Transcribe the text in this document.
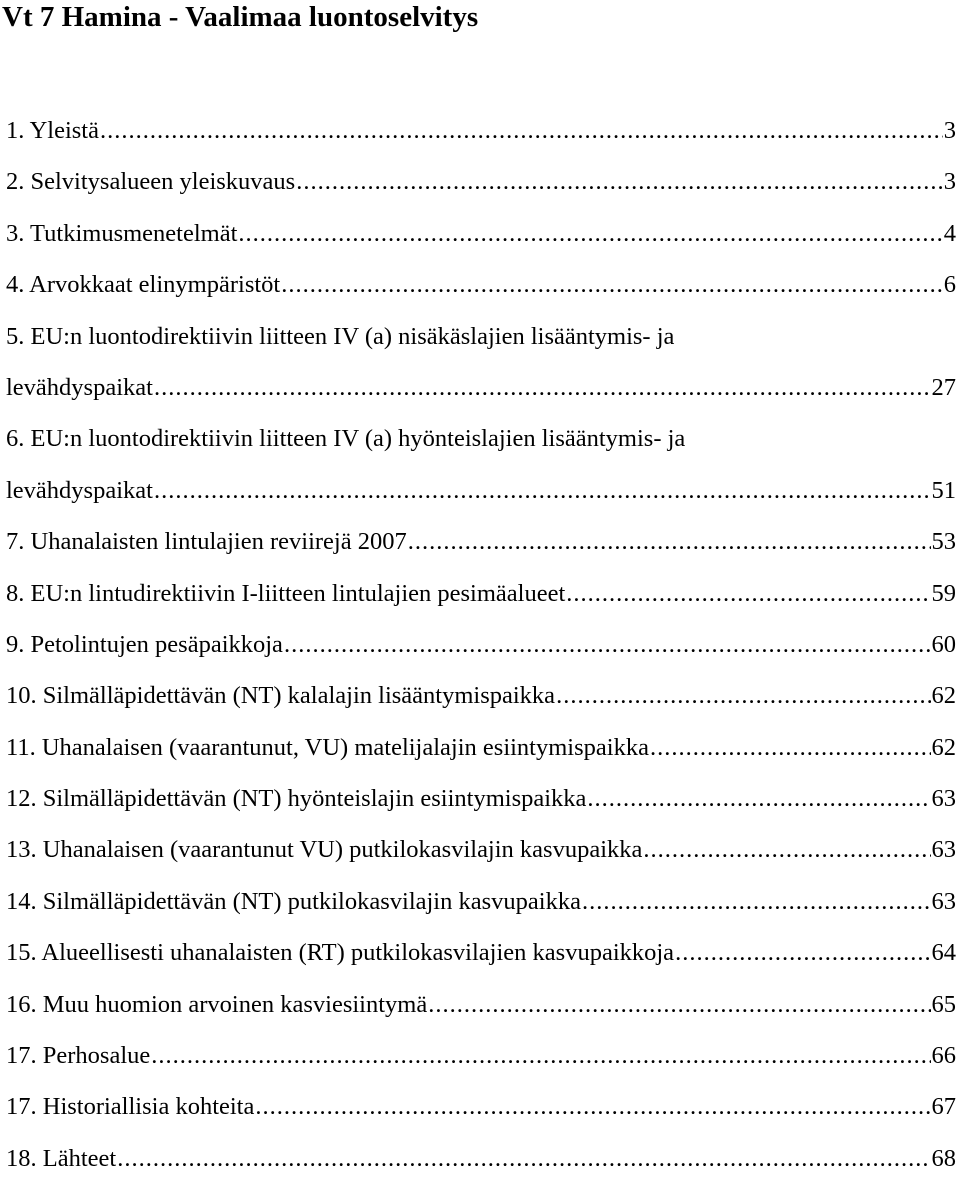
Vt 7 Hamina - Vaalimaa luontoselvitys
1. Yleistä .....	3
2. Selvitysalueen yleiskuvaus .....	3
3. Tutkimusmenetelmät .....	4
4. Arvokkaat elinympäristöt .....	6
5. EU:n luontodirektiivin liitteen IV (a) nisäkäslajien lisääntymis- ja
levähdyspaikat .....	27
6. EU:n luontodirektiivin liitteen IV (a) hyönteislajien lisääntymis- ja
levähdyspaikat .....	51
7. Uhanalaisten lintulajien reviirejä 2007 .....	53
8. EU:n lintudirektiivin I-liitteen lintulajien pesimäalueet .....	59
9. Petolintujen pesäpaikkoja .....	60
10. Silmälläpidettävän (NT) kalalajin lisääntymispaikka .....	62
11. Uhanalaisen (vaarantunut, VU) matelijalajin esiintymispaikka .....	62
12. Silmälläpidettävän (NT) hyönteislajin esiintymispaikka .....	63
13. Uhanalaisen (vaarantunut VU) putkilokasvilajin kasvupaikka .....	63
14. Silmälläpidettävän (NT) putkilokasvilajin kasvupaikka .....	63
15. Alueellisesti uhanalaisten (RT) putkilokasvilajien kasvupaikkoja .....	64
16. Muu huomion arvoinen kasviesiintymä .....	65
17. Perhosalue .....	66
17. Historiallisia kohteita .....	67
18. Lähteet .....	68
